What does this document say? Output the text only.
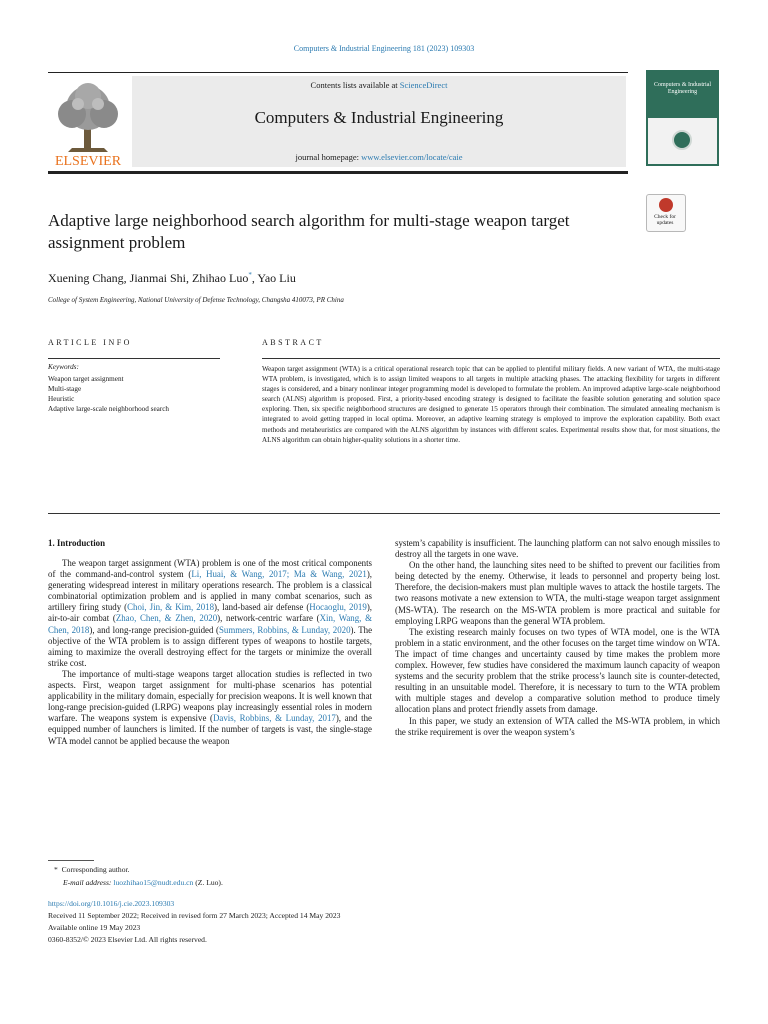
Computers & Industrial Engineering 181 (2023) 109303
ELSEVIER
Contents lists available at ScienceDirect
Computers & Industrial Engineering
journal homepage: www.elsevier.com/locate/caie
Computers & Industrial Engineering
Check for updates
Adaptive large neighborhood search algorithm for multi-stage weapon target assignment problem
Xuening Chang, Jianmai Shi, Zhihao Luo*, Yao Liu
College of System Engineering, National University of Defense Technology, Changsha 410073, PR China
ARTICLE INFO	ABSTRACT
Keywords:
Weapon target assignment
Multi-stage
Heuristic
Adaptive large-scale neighborhood search
Weapon target assignment (WTA) is a critical operational research topic that can be applied to plentiful military fields. A new variant of WTA, the multi-stage WTA problem, is investigated, which is to assign limited weapons to all targets in multiple attacking phases. The attacking flexibility for targets in different stages is considered, and a binary nonlinear integer programming model is developed to formulate the problem. An improved adaptive large-scale neighborhood search (ALNS) algorithm is proposed. First, a priority-based encoding strategy is designed to facilitate the feasible solution generating and solution space exploring. Then, six specific neighborhood structures are designed to generate 15 operators through their combination. The simulated annealing mechanism is integrated to avoid getting trapped in local optima. Moreover, an adaptive learning strategy is employed to improve the exploration capability. Both exact methods and metaheuristics are compared with the ALNS algorithm by instances with different scales. Experimental results show that, for most situations, the ALNS algorithm can obtain higher-quality solutions in a shorter time.
1. Introduction

The weapon target assignment (WTA) problem is one of the most critical components of the command-and-control system (Li, Huai, & Wang, 2017; Ma & Wang, 2021), generating widespread interest in military operations research. The problem is a classical combinatorial optimization problem and is applied in many combat scenarios, such as artillery firing study (Choi, Jin, & Kim, 2018), land-based air defense (Hocaoglu, 2019), air-to-air combat (Zhao, Chen, & Zhen, 2020), network-centric warfare (Xin, Wang, & Chen, 2018), and long-range precision-guided (Summers, Robbins, & Lunday, 2020). The objective of the WTA problem is to assign different types of weapons to hostile targets, aiming to maximize the overall destroying effect for the targets or minimize the overall strike cost.

The importance of multi-stage weapons target allocation studies is reflected in two aspects. First, weapon target assignment for multi-phase scenarios has potential applicability in the military domain, especially for precision weapons. It is well known that long-range precision-guided (LRPG) weapons play increasingly essential roles in modern warfare. The weapons system is expensive (Davis, Robbins, & Lunday, 2017), and the equipped number of launchers is limited. If the number of targets is vast, the single-stage WTA model cannot be applied because the weapon

system’s capability is insufficient. The launching platform can not salvo enough missiles to destroy all the targets in one wave.

On the other hand, the launching sites need to be shifted to prevent our facilities from being detected by the enemy. Otherwise, it leads to personnel and property being lost. Therefore, the decision-makers must plan multiple waves to attack the hostile targets. The two reasons motivate a new extension to WTA, the multi-stage weapon target assignment (MS-WTA). The research on the MS-WTA problem is more practical and suitable for employing LRPG weapons than the general WTA problem.

The existing research mainly focuses on two types of WTA model, one is the WTA problem in a static environment, and the other focuses on the target time window on WTA. The impact of time changes and uncertainty caused by time makes the problem more complex. However, few studies have considered the maximum launch capacity of weapon systems and the security problem that the strike process’s launch site is counter-detected, resulting in an unsuitable model. Therefore, it is necessary to turn to the WTA problem with multiple stages and develop a comparative solution method to produce timely allocation plans and protect friendly assets from damage.

In this paper, we study an extension of WTA called the MS-WTA problem, in which the strike requirement is over the weapon system’s

* Corresponding author.
E-mail address: luozhihao15@nudt.edu.cn (Z. Luo).
https://doi.org/10.1016/j.cie.2023.109303
Received 11 September 2022; Received in revised form 27 March 2023; Accepted 14 May 2023
Available online 19 May 2023
0360-8352/© 2023 Elsevier Ltd. All rights reserved.
